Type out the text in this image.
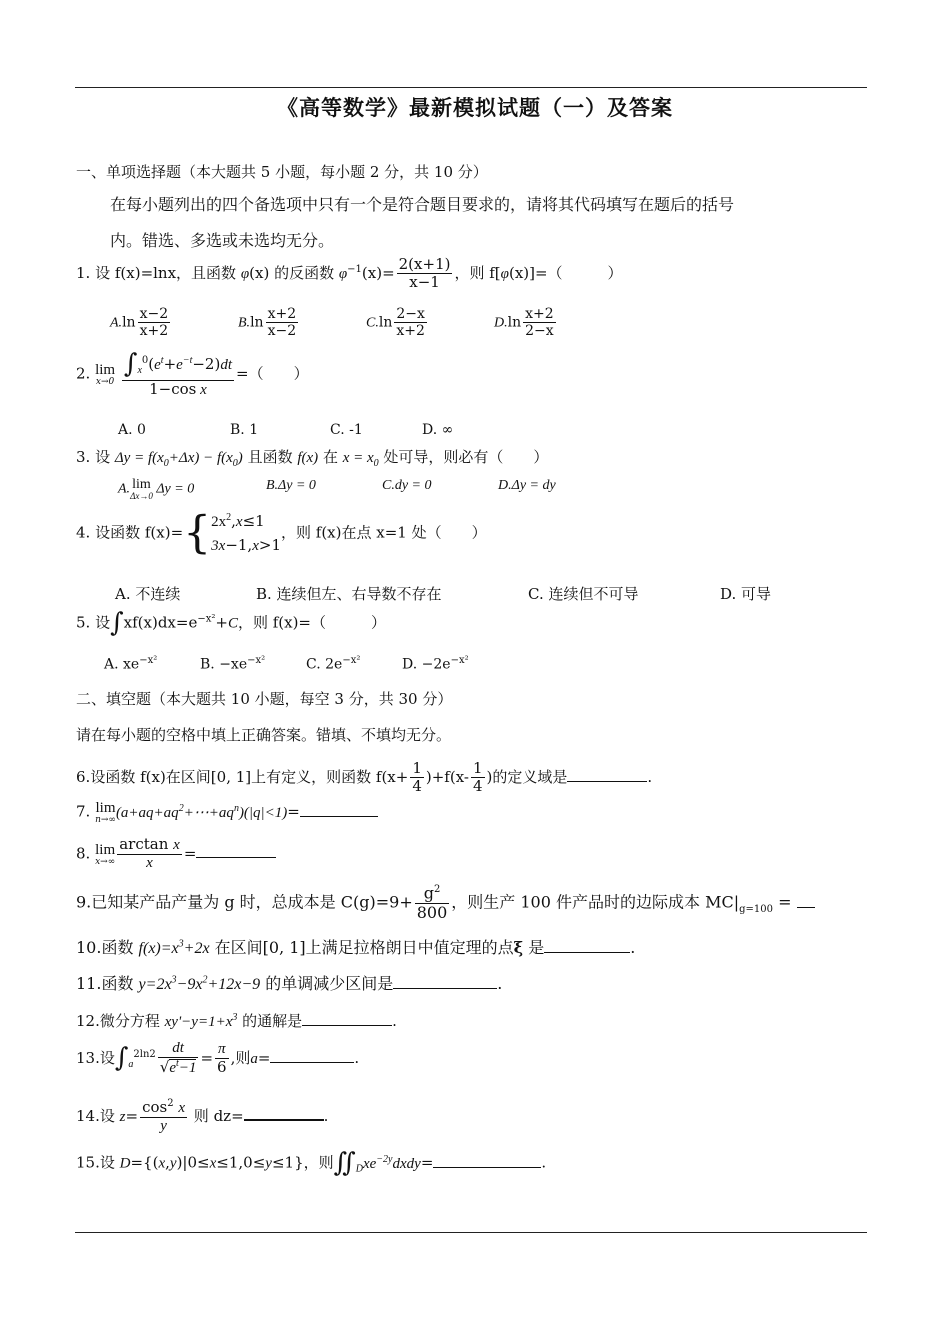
《高等数学》最新模拟试题（一）及答案
一、单项选择题（本大题共 5 小题，每小题 2 分，共 10 分）
在每小题列出的四个备选项中只有一个是符合题目要求的，请将其代码填写在题后的括号
内。错选、多选或未选均无分。
1. 设 f(x)=lnx，且函数 φ(x) 的反函数 $\varphi^{-1}(x)= \frac{2(x+1)}{x-1}$ ，则 f[φ(x)]=（　　　）
$A.\ln \frac{x-2}{x+2}$	$B.\ln \frac{x+2}{x-2}$	$C.\ln \frac{2-x}{x+2}$	$D.\ln \frac{x+2}{2-x}$
2. lim
x→0
$\frac{\int_x^0(e^t+e^{-t}-2)dt}{\text{1−cos x}}$ =（　　）
A. 0	B. 1	C. -1	D. ∞
3. 设 $\Delta y = f(x_0+\Delta x) - f(x_0)$ 且函数 f(x) 在 $x = x_0$ 处可导，则必有（　　）
A. lim
Δx→0 Δy = 0	B.Δy = 0	C.dy = 0	D.Δy = dy
4. 设函数 $f(x)=\{2x^2,x\le 1$
3x−1,x>1，则 f(x)在点 x=1 处（　　）
A. 不连续	B. 连续但左、右导数不存在	C. 连续但不可导	D. 可导
5. 设$\int xf(x)dx=e^{-x^2}+C$，则 f(x)=（　　　）
A. $xe^{-x^2}$	B. $-xe^{-x^2}$	C. $2e^{-x^2}$	D. $-2e^{-x^2}$
二、填空题（本大题共 10 小题，每空 3 分，共 30 分）
请在每小题的空格中填上正确答案。错填、不填均无分。
6.设函数 f(x)在区间[0, 1]上有定义，则函数 $f(x+ \frac{1}{4} )+f(x- \frac{1}{4}$ )的定义域是	.
7. lim
n→∞ $(a+aq+aq^2+\cdots+aq^n)(|q|<1)=$
8. lim
$x\to\infty \frac{\text{arctan x}}{x}$ =
9.已知某产品产量为 g 时，总成本是 $C(g)=9+ \frac{g^2}{800}$ ，则生产 100 件产品时的边际成本 $MC|_{g=100}$ =
10.函数 $f(x)=x^3+2x$ 在区间[0, 1]上满足拉格朗日中值定理的点ξ 是	.
11.函数 $y=2x^3-9x^2+12x-9$ 的单调减少区间是	.
12.微分方程 $xy'-y=1+x^3$ 的通解是	.
13.设$\int_a^{2ln2} \frac{dt}{√e^t-1} = \frac{\pi}{6}$ ,则a=	.
14.设 $z= \frac{\cos^2 x}{y}$ 则 dz=	.
15.设 D={(x,y)|0≤x≤1,0≤y≤1}，则$∬_Dxe^{-2y}dxdy=$	.
